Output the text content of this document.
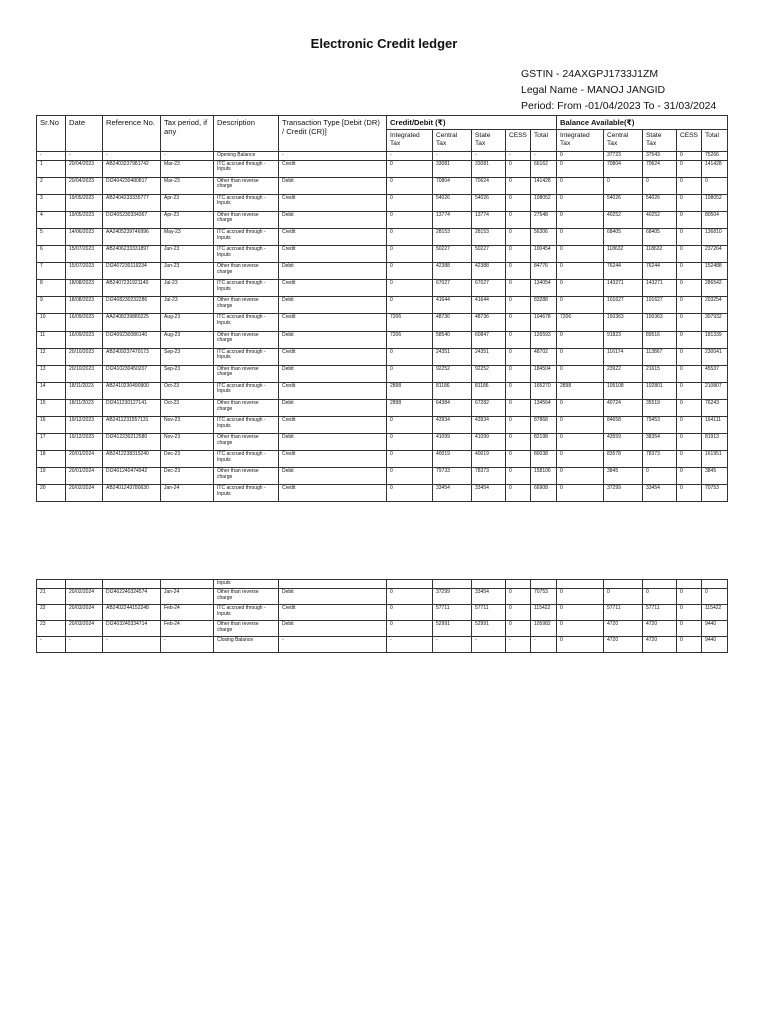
Electronic Credit ledger
GSTIN - 24AXGPJ1733J1ZM
Legal Name - MANOJ JANGID
Period: From -01/04/2023 To - 31/03/2024
Sr.No	Date	Reference No.	Tax period, if any	Description	Transaction Type [Debit (DR) / Credit (CR)]	Credit/Debit (₹)					Balance Available(₹)				
						Integrated Tax	Central Tax	State Tax	CESS	Total	Integrated Tax	Central Tax	State Tax	CESS	Total
-	-	-	-	Opening Balance	-	-	-	-	-	-	0	37723	37543	0	75266
1	20/04/2023	AB2403237981742	Mar-23	ITC accrued through - Inputs	Credit	0	33081	33081	0	66162	0	70804	70624	0	141428
2	20/04/2023	DI2404230480817	Mar-23	Other than reverse charge	Debit	0	70804	70624	0	141428	0	0	0	0	0
3	19/05/2023	AB2404233335777	Apr-23	ITC accrued through - Inputs	Credit	0	54026	54026	0	108052	0	54026	54026	0	108052
4	19/05/2023	DI2405230334367	Apr-23	Other than reverse charge	Debit	0	13774	13774	0	27548	0	40252	40252	0	80504
5	14/06/2023	AA2405239746996	May-23	ITC accrued through - Inputs	Credit	0	28153	28153	0	56306	0	68405	68405	0	136810
6	15/07/2023	AB2406233331897	Jun-23	ITC accrued through - Inputs	Credit	0	50227	50227	0	100454	0	118632	118632	0	237264
7	15/07/2023	DI2407230119234	Jun-23	Other than reverse charge	Debit	0	42388	42388	0	84776	0	76244	76244	0	152488
8	18/08/2023	AB2407231921140	Jul-23	ITC accrued through - Inputs	Credit	0	67027	67027	0	134054	0	143271	143271	0	286542
9	18/08/2023	DI2408230232286	Jul-23	Other than reverse charge	Debit	0	41644	41644	0	83288	0	101627	101627	0	203254
10	16/09/2023	AA2408239880225	Aug-23	ITC accrued through - Inputs	Credit	7206	48736	48736	0	104678	7206	150363	150363	0	307932
11	16/09/2023	DI2409230086140	Aug-23	Other than reverse charge	Debit	7206	58540	60847	0	126593	0	91823	89516	0	181339
12	20/10/2023	AB2409237470173	Sep-23	ITC accrued through - Inputs	Credit	0	24351	24351	0	48702	0	116174	113867	0	230041
13	20/10/2023	DI2410230450207	Sep-23	Other than reverse charge	Debit	0	92252	92252	0	184504	0	23922	21615	0	45537
14	18/11/2023	AB2410230490900	Oct-23	ITC accrued through - Inputs	Credit	2898	81186	81186	0	165270	2898	105108	102801	0	210807
15	18/11/2023	DI2411230127141	Oct-23	Other than reverse charge	Debit	2898	64384	67282	0	134564	0	40724	35519	0	76243
16	19/12/2023	AB2411231557131	Nov-23	ITC accrued through - Inputs	Credit	0	43934	43934	0	87868	0	84658	79453	0	164111
17	19/12/2023	DI2412230212580	Nov-23	Other than reverse charge	Debit	0	41099	41099	0	82198	0	43559	38354	0	81913
18	20/01/2024	AB2412238315240	Dec-23	ITC accrued through - Inputs	Credit	0	40019	40019	0	80038	0	83578	78373	0	161951
19	20/01/2024	DI2401240474942	Dec-23	Other than reverse charge	Debit	0	79733	78373	0	158106	0	3845	0	0	3845
20	20/02/2024	AB2401243780630	Jan-24	ITC accrued through - Inputs	Credit	0	33454	33454	0	66908	0	37299	33454	0	70753
				Inputs											
21	20/02/2024	DI2402240324574	Jan-24	Other than reverse charge	Debit	0	37299	33454	0	70753	0	0	0	0	0
22	20/03/2024	AB2402244152248	Feb-24	ITC accrued through - Inputs	Credit	0	57711	57711	0	115422	0	57711	57711	0	115422
23	20/03/2024	DI2403240334714	Feb-24	Other than reverse charge	Debit	0	52991	52991	0	105982	0	4720	4720	0	9440
-	-	-	-	Closing Balance	-	-	-	-	-	-	0	4720	4720	0	9440
